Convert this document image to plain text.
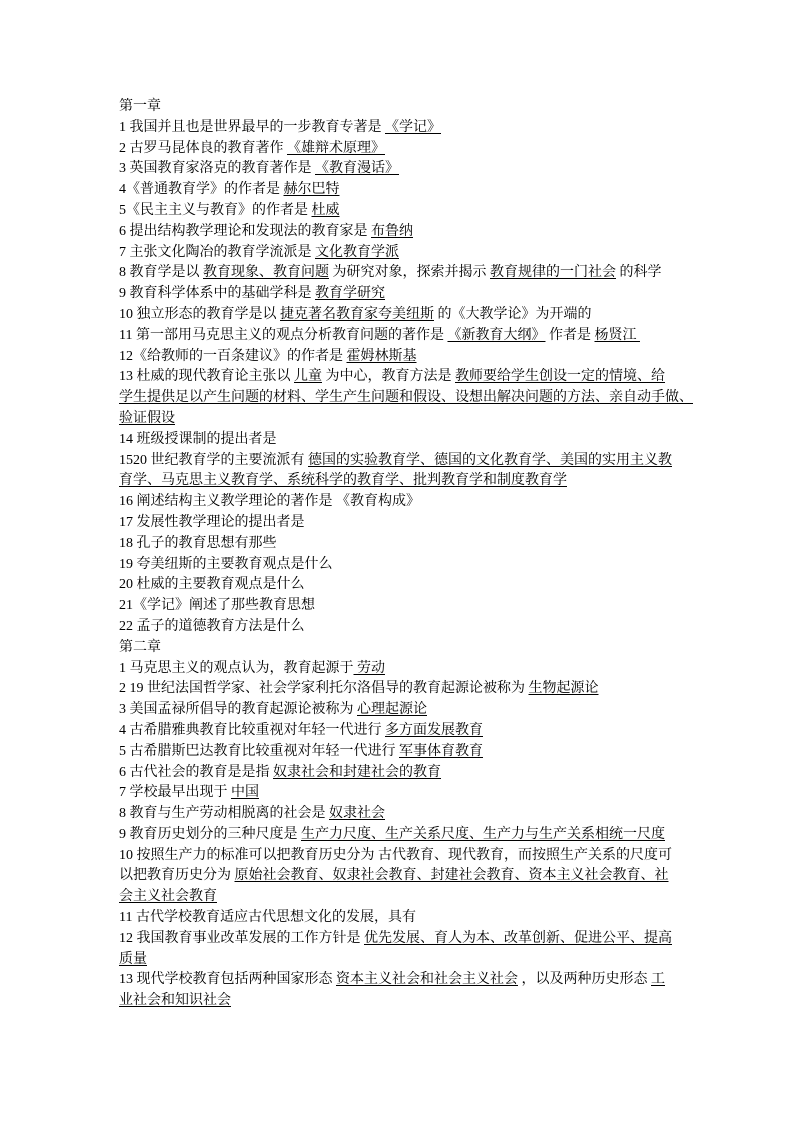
第一章
1 我国并且也是世界最早的一步教育专著是 《学记》
2 古罗马昆体良的教育著作 《雄辩术原理》
3 英国教育家洛克的教育著作是 《教育漫话》
4《普通教育学》的作者是 赫尔巴特
5《民主主义与教育》的作者是 杜威
6 提出结构教学理论和发现法的教育家是 布鲁纳
7 主张文化陶冶的教育学流派是 文化教育学派
8 教育学是以 教育现象、教育问题 为研究对象，探索并揭示 教育规律的一门社会 的科学
9 教育科学体系中的基础学科是 教育学研究
10 独立形态的教育学是以 捷克著名教育家夸美纽斯 的《大教学论》为开端的
11 第一部用马克思主义的观点分析教育问题的著作是 《新教育大纲》 作者是 杨贤江
12《给教师的一百条建议》的作者是 霍姆林斯基
13 杜威的现代教育论主张以 儿童 为中心，教育方法是 教师要给学生创设一定的情境、给
学生提供足以产生问题的材料、学生产生问题和假设、设想出解决问题的方法、亲自动手做、
验证假设
14 班级授课制的提出者是
1520 世纪教育学的主要流派有 德国的实验教育学、德国的文化教育学、美国的实用主义教
育学、马克思主义教育学、系统科学的教育学、批判教育学和制度教育学
16 阐述结构主义教学理论的著作是 《教育构成》
17 发展性教学理论的提出者是
18 孔子的教育思想有那些
19 夸美纽斯的主要教育观点是什么
20 杜威的主要教育观点是什么
21《学记》阐述了那些教育思想
22 孟子的道德教育方法是什么
第二章
1 马克思主义的观点认为，教育起源于 劳动
2 19 世纪法国哲学家、社会学家利托尔洛倡导的教育起源论被称为 生物起源论
3 美国孟禄所倡导的教育起源论被称为 心理起源论
4 古希腊雅典教育比较重视对年轻一代进行 多方面发展教育
5 古希腊斯巴达教育比较重视对年轻一代进行 军事体育教育
6 古代社会的教育是是指 奴隶社会和封建社会的教育
7 学校最早出现于 中国
8 教育与生产劳动相脱离的社会是 奴隶社会
9 教育历史划分的三种尺度是 生产力尺度、生产关系尺度、生产力与生产关系相统一尺度
10 按照生产力的标准可以把教育历史分为 古代教育、现代教育，而按照生产关系的尺度可
以把教育历史分为 原始社会教育、奴隶社会教育、封建社会教育、资本主义社会教育、社
会主义社会教育
11 古代学校教育适应古代思想文化的发展，具有
12 我国教育事业改革发展的工作方针是 优先发展、育人为本、改革创新、促进公平、提高
质量
13 现代学校教育包括两种国家形态 资本主义社会和社会主义社会 ，以及两种历史形态 工
业社会和知识社会
